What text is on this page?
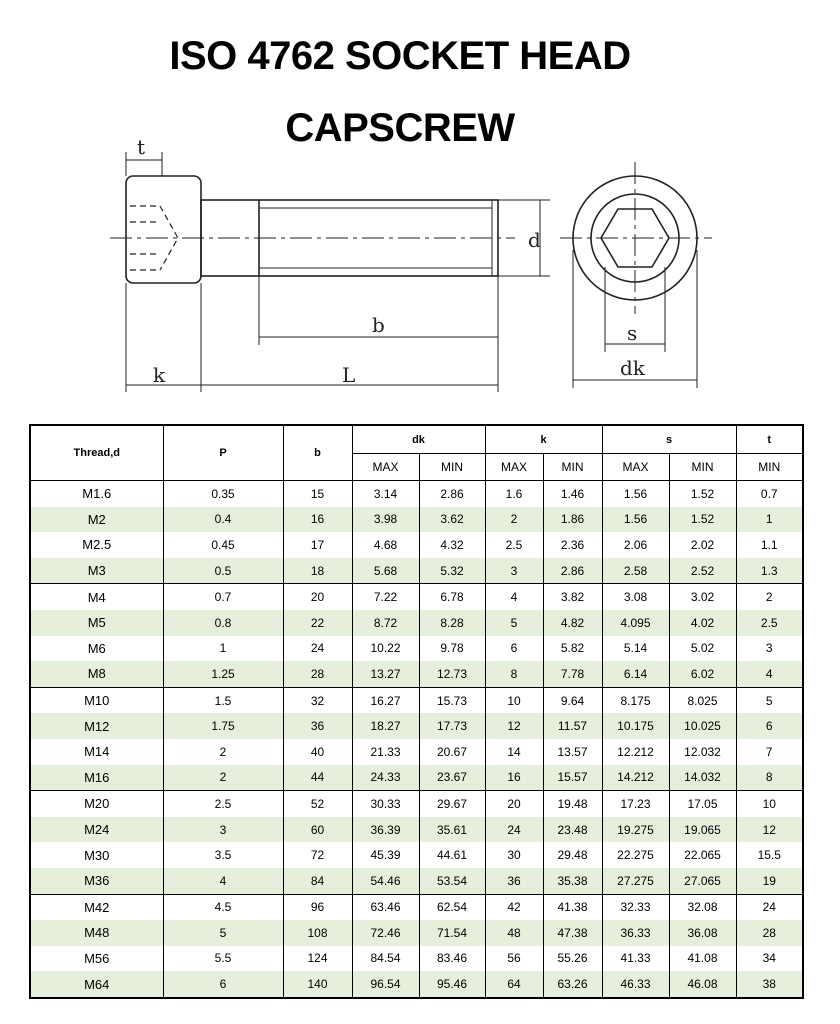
ISO 4762 SOCKET HEAD
CAPSCREW
t
d
b
k	L
s
dk
Thread,d	P	b	dk		k		s		t
			MAX	MIN	MAX	MIN	MAX	MIN	MIN
M1.6	0.35	15	3.14	2.86	1.6	1.46	1.56	1.52	0.7
M2	0.4	16	3.98	3.62	2	1.86	1.56	1.52	1
M2.5	0.45	17	4.68	4.32	2.5	2.36	2.06	2.02	1.1
M3	0.5	18	5.68	5.32	3	2.86	2.58	2.52	1.3
M4	0.7	20	7.22	6.78	4	3.82	3.08	3.02	2
M5	0.8	22	8.72	8.28	5	4.82	4.095	4.02	2.5
M6	1	24	10.22	9.78	6	5.82	5.14	5.02	3
M8	1.25	28	13.27	12.73	8	7.78	6.14	6.02	4
M10	1.5	32	16.27	15.73	10	9.64	8.175	8.025	5
M12	1.75	36	18.27	17.73	12	11.57	10.175	10.025	6
M14	2	40	21.33	20.67	14	13.57	12.212	12.032	7
M16	2	44	24.33	23.67	16	15.57	14.212	14.032	8
M20	2.5	52	30.33	29.67	20	19.48	17.23	17.05	10
M24	3	60	36.39	35.61	24	23.48	19.275	19.065	12
M30	3.5	72	45.39	44.61	30	29.48	22.275	22.065	15.5
M36	4	84	54.46	53.54	36	35.38	27.275	27.065	19
M42	4.5	96	63.46	62.54	42	41.38	32.33	32.08	24
M48	5	108	72.46	71.54	48	47.38	36.33	36.08	28
M56	5.5	124	84.54	83.46	56	55.26	41.33	41.08	34
M64	6	140	96.54	95.46	64	63.26	46.33	46.08	38
